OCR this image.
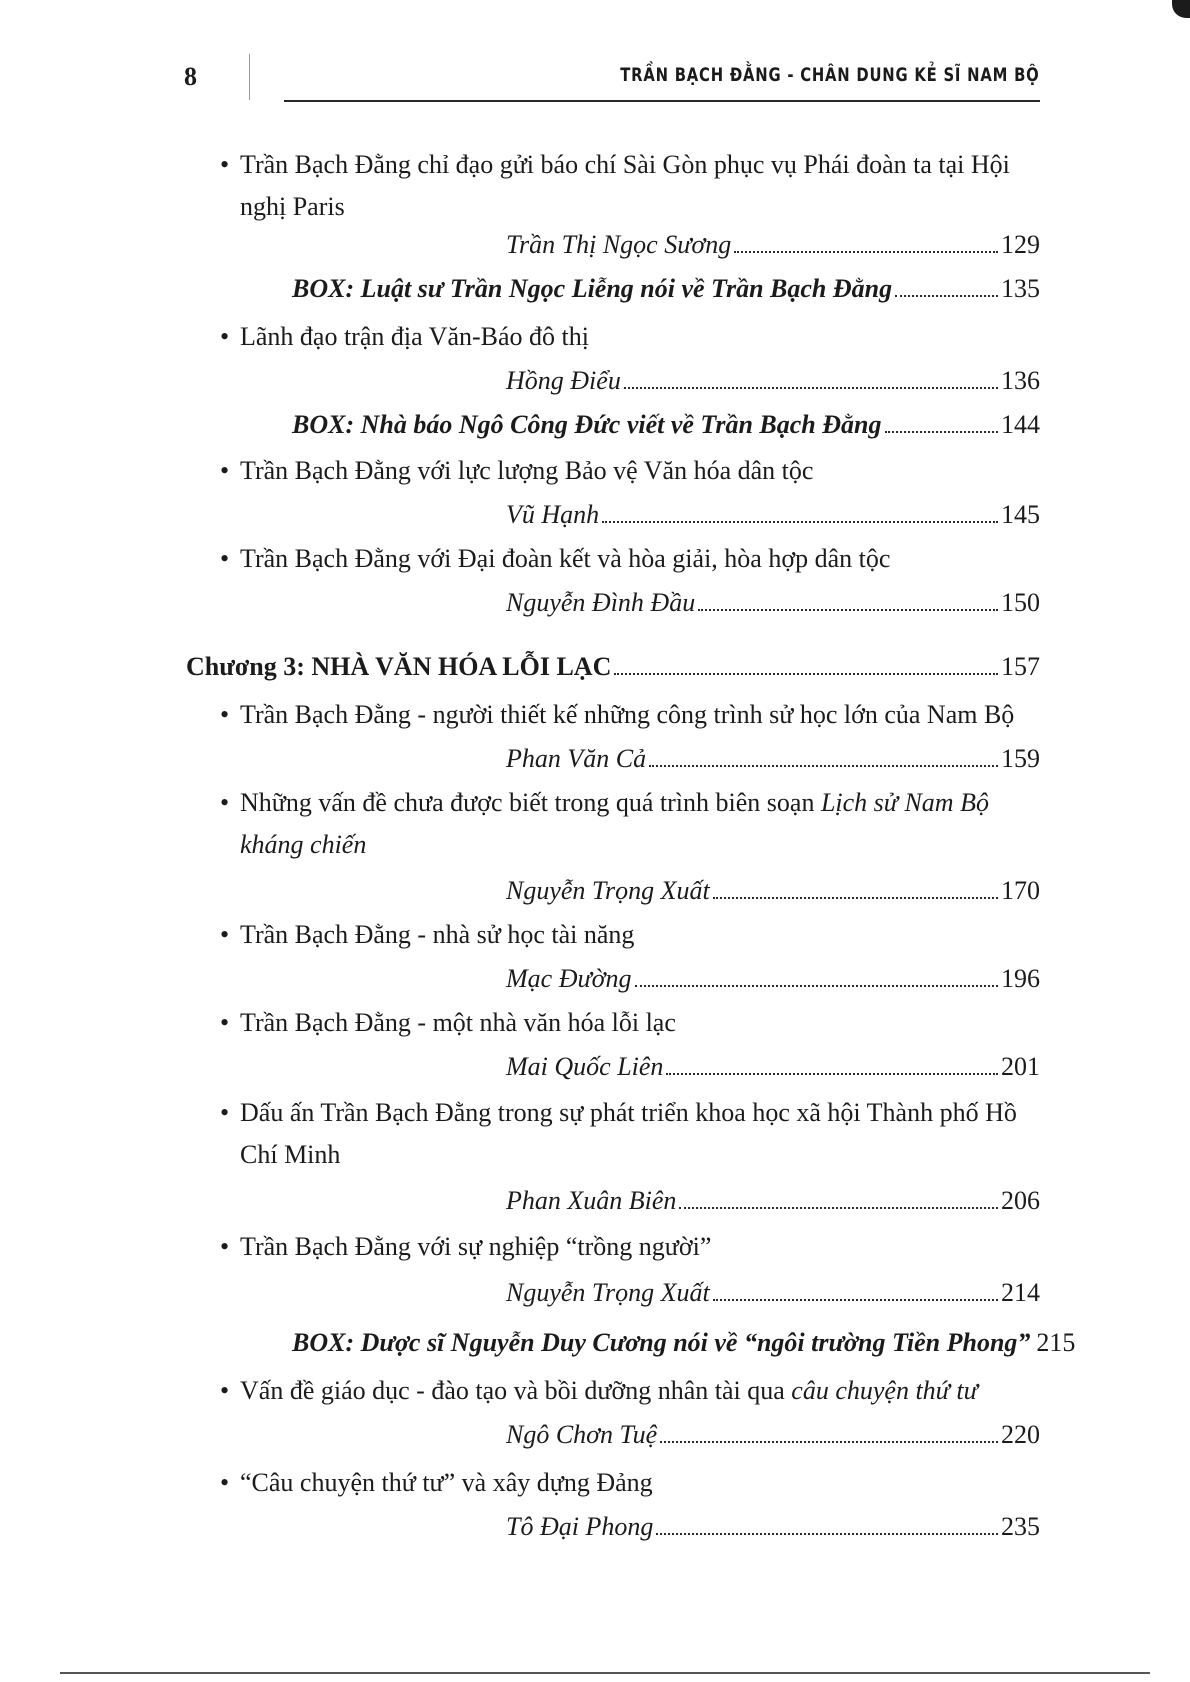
8	TRẦN BẠCH ĐẰNG - CHÂN DUNG KẺ SĨ NAM BỘ
• Trần Bạch Đằng chỉ đạo gửi báo chí Sài Gòn phục vụ Phái đoàn ta tại Hội nghị Paris
Trần Thị Ngọc Sương	129
BOX: Luật sư Trần Ngọc Liễng nói về Trần Bạch Đằng	135
• Lãnh đạo trận địa Văn-Báo đô thị
Hồng Điểu	136
BOX: Nhà báo Ngô Công Đức viết về Trần Bạch Đằng	144
• Trần Bạch Đằng với lực lượng Bảo vệ Văn hóa dân tộc
Vũ Hạnh	145
• Trần Bạch Đằng với Đại đoàn kết và hòa giải, hòa hợp dân tộc
Nguyễn Đình Đầu	150
Chương 3: NHÀ VĂN HÓA LỖI LẠC	157
• Trần Bạch Đằng - người thiết kế những công trình sử học lớn của Nam Bộ
Phan Văn Cả	159
• Những vấn đề chưa được biết trong quá trình biên soạn Lịch sử Nam Bộ kháng chiến
Nguyễn Trọng Xuất	170
• Trần Bạch Đằng - nhà sử học tài năng
Mạc Đường	196
• Trần Bạch Đằng - một nhà văn hóa lỗi lạc
Mai Quốc Liên	201
• Dấu ấn Trần Bạch Đằng trong sự phát triển khoa học xã hội Thành phố Hồ Chí Minh
Phan Xuân Biên	206
• Trần Bạch Đằng với sự nghiệp “trồng người”
Nguyễn Trọng Xuất	214
BOX: Dược sĩ Nguyễn Duy Cương nói về “ngôi trường Tiền Phong” 215
• Vấn đề giáo dục - đào tạo và bồi dưỡng nhân tài qua câu chuyện thứ tư
Ngô Chơn Tuệ	220
• “Câu chuyện thứ tư” và xây dựng Đảng
Tô Đại Phong	235
